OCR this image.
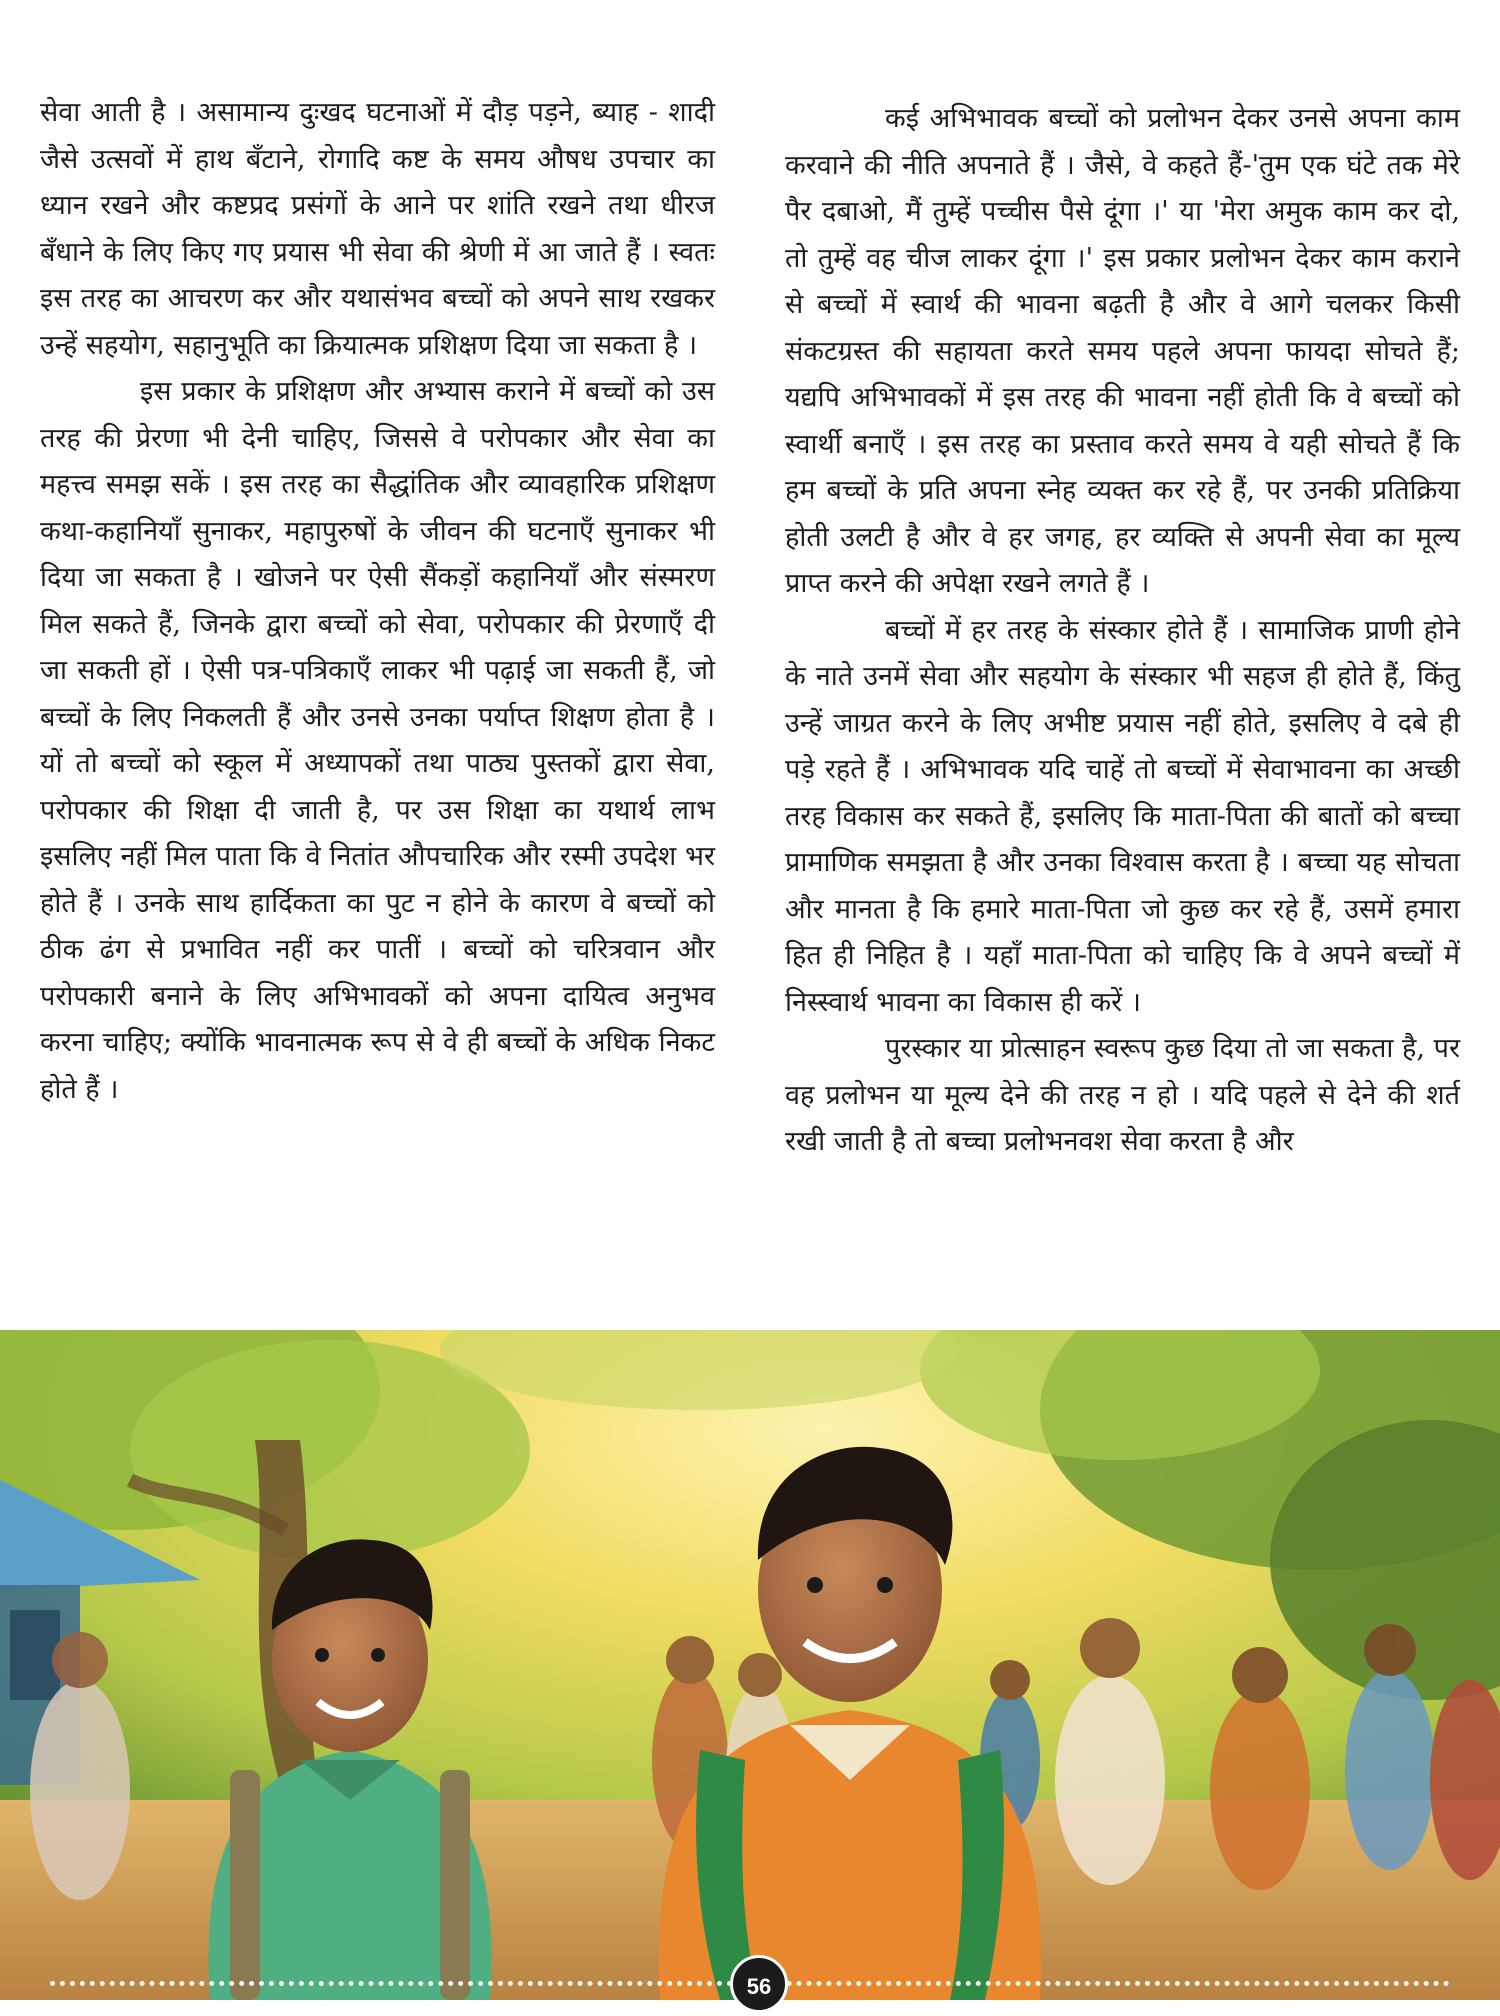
सेवा आती है । असामान्य दुःखद घटनाओं में दौड़ पड़ने, ब्याह - शादी जैसे उत्सवों में हाथ बँटाने, रोगादि कष्ट के समय औषध उपचार का ध्यान रखने और कष्टप्रद प्रसंगों के आने पर शांति रखने तथा धीरज बँधाने के लिए किए गए प्रयास भी सेवा की श्रेणी में आ जाते हैं । स्वतः इस तरह का आचरण कर और यथासंभव बच्चों को अपने साथ रखकर उन्हें सहयोग, सहानुभूति का क्रियात्मक प्रशिक्षण दिया जा सकता है ।

इस प्रकार के प्रशिक्षण और अभ्यास कराने में बच्चों को उस तरह की प्रेरणा भी देनी चाहिए, जिससे वे परोपकार और सेवा का महत्त्व समझ सकें । इस तरह का सैद्धांतिक और व्यावहारिक प्रशिक्षण कथा-कहानियाँ सुनाकर, महापुरुषों के जीवन की घटनाएँ सुनाकर भी दिया जा सकता है । खोजने पर ऐसी सैंकड़ों कहानियाँ और संस्मरण मिल सकते हैं, जिनके द्वारा बच्चों को सेवा, परोपकार की प्रेरणाएँ दी जा सकती हों । ऐसी पत्र-पत्रिकाएँ लाकर भी पढ़ाई जा सकती हैं, जो बच्चों के लिए निकलती हैं और उनसे उनका पर्याप्त शिक्षण होता है । यों तो बच्चों को स्कूल में अध्यापकों तथा पाठ्य पुस्तकों द्वारा सेवा, परोपकार की शिक्षा दी जाती है, पर उस शिक्षा का यथार्थ लाभ इसलिए नहीं मिल पाता कि वे नितांत औपचारिक और रस्मी उपदेश भर होते हैं । उनके साथ हार्दिकता का पुट न होने के कारण वे बच्चों को ठीक ढंग से प्रभावित नहीं कर पातीं । बच्चों को चरित्रवान और परोपकारी बनाने के लिए अभिभावकों को अपना दायित्व अनुभव करना चाहिए; क्योंकि भावनात्मक रूप से वे ही बच्चों के अधिक निकट होते हैं ।

कई अभिभावक बच्चों को प्रलोभन देकर उनसे अपना काम करवाने की नीति अपनाते हैं । जैसे, वे कहते हैं-'तुम एक घंटे तक मेरे पैर दबाओ, मैं तुम्हें पच्चीस पैसे दूंगा ।' या 'मेरा अमुक काम कर दो, तो तुम्हें वह चीज लाकर दूंगा ।' इस प्रकार प्रलोभन देकर काम कराने से बच्चों में स्वार्थ की भावना बढ़ती है और वे आगे चलकर किसी संकटग्रस्त की सहायता करते समय पहले अपना फायदा सोचते हैं; यद्यपि अभिभावकों में इस तरह की भावना नहीं होती कि वे बच्चों को स्वार्थी बनाएँ । इस तरह का प्रस्ताव करते समय वे यही सोचते हैं कि हम बच्चों के प्रति अपना स्नेह व्यक्त कर रहे हैं, पर उनकी प्रतिक्रिया होती उलटी है और वे हर जगह, हर व्यक्ति से अपनी सेवा का मूल्य प्राप्त करने की अपेक्षा रखने लगते हैं ।

बच्चों में हर तरह के संस्कार होते हैं । सामाजिक प्राणी होने के नाते उनमें सेवा और सहयोग के संस्कार भी सहज ही होते हैं, किंतु उन्हें जाग्रत करने के लिए अभीष्ट प्रयास नहीं होते, इसलिए वे दबे ही पड़े रहते हैं । अभिभावक यदि चाहें तो बच्चों में सेवाभावना का अच्छी तरह विकास कर सकते हैं, इसलिए कि माता-पिता की बातों को बच्चा प्रामाणिक समझता है और उनका विश्वास करता है । बच्चा यह सोचता और मानता है कि हमारे माता-पिता जो कुछ कर रहे हैं, उसमें हमारा हित ही निहित है । यहाँ माता-पिता को चाहिए कि वे अपने बच्चों में निस्स्वार्थ भावना का विकास ही करें ।

पुरस्कार या प्रोत्साहन स्वरूप कुछ दिया तो जा सकता है, पर वह प्रलोभन या मूल्य देने की तरह न हो । यदि पहले से देने की शर्त रखी जाती है तो बच्चा प्रलोभनवश सेवा करता है और

56
